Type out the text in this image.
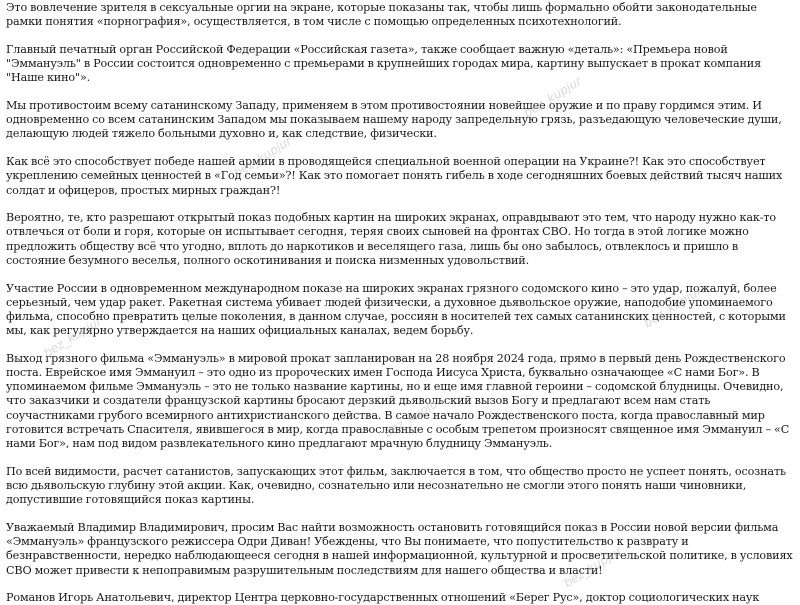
Это вовлечение зрителя в сексуальные оргии на экране, которые показаны так, чтобы лишь формально обойти законодательные рамки понятия «порнография», осуществляется, в том числе с помощью определенных психотехнологий.

Главный печатный орган Российской Федерации «Российская газета», также сообщает важную «деталь»: «Премьера новой "Эммануэль" в России состоится одновременно с премьерами в крупнейших городах мира, картину выпускает в прокат компания "Наше кино"».

Мы противостоим всему сатанинскому Западу, применяем в этом противостоянии новейшее оружие и по праву гордимся этим. И одновременно со всем сатанинским Западом мы показываем нашему народу запредельную грязь, разъедающую человеческие души, делающую людей тяжело больными духовно и, как следствие, физически.

Как всё это способствует победе нашей армии в проводящейся специальной военной операции на Украине?! Как это способствует укреплению семейных ценностей в «Год семьи»?! Как это помогает понять гибель в ходе сегодняшних боевых действий тысяч наших солдат и офицеров, простых мирных граждан?!

Вероятно, те, кто разрешают открытый показ подобных картин на широких экранах, оправдывают это тем, что народу нужно как-то отвлечься от боли и горя, которые он испытывает сегодня, теряя своих сыновей на фронтах СВО. Но тогда в этой логике можно предложить обществу всё что угодно, вплоть до наркотиков и веселящего газа, лишь бы оно забылось, отвлеклось и пришло в состояние безумного веселья, полного оскотинивания и поиска низменных удовольствий.

Участие России в одновременном международном показе на широких экранах грязного содомского кино – это удар, пожалуй, более серьезный, чем удар ракет. Ракетная система убивает людей физически, а духовное дьявольское оружие, наподобие упоминаемого фильма, способно превратить целые поколения, в данном случае, россиян в носителей тех самых сатанинских ценностей, с которыми мы, как регулярно утверждается на наших официальных каналах, ведем борьбу.

Выход грязного фильма «Эммануэль» в мировой прокат запланирован на 28 ноября 2024 года, прямо в первый день Рождественского поста. Еврейское имя Эммануил – это одно из пророческих имен Господа Иисуса Христа, буквально означающее «С нами Бог». В упоминаемом фильме Эммануэль – это не только название картины, но и еще имя главной героини – содомской блудницы. Очевидно, что заказчики и создатели французской картины бросают дерзкий дьявольский вызов Богу и предлагают всем нам стать соучастниками грубого всемирного антихристианского действа. В самое начало Рождественского поста, когда православный мир готовится встречать Спасителя, явившегося в мир, когда православные с особым трепетом произносят священное имя Эммануил – «С нами Бог», нам под видом развлекательного кино предлагают мрачную блудницу Эммануэль.

По всей видимости, расчет сатанистов, запускающих этот фильм, заключается в том, что общество просто не успеет понять, осознать всю дьявольскую глубину этой акции. Как, очевидно, сознательно или несознательно не смогли этого понять наши чиновники, допустившие готовящийся показ картины.

Уважаемый Владимир Владимирович, просим Вас найти возможность остановить готовящийся показ в России новой версии фильма «Эммануэль» французского режиссера Одри Диван! Убеждены, что Вы понимаете, что попустительство к разврату и безнравственности, нередко наблюдающееся сегодня в нашей информационной, культурной и просветительской политике, в условиях СВО может привести к непоправимым разрушительным последствиям для нашего общества и власти!

Романов Игорь Анатольевич, директор Центра церковно-государственных отношений «Берег Рус», доктор социологических наук

bez_kupjur
bez_kupjur
bez_kupjur
bez_kupjur
bez_kupjur
bez_kupjur
